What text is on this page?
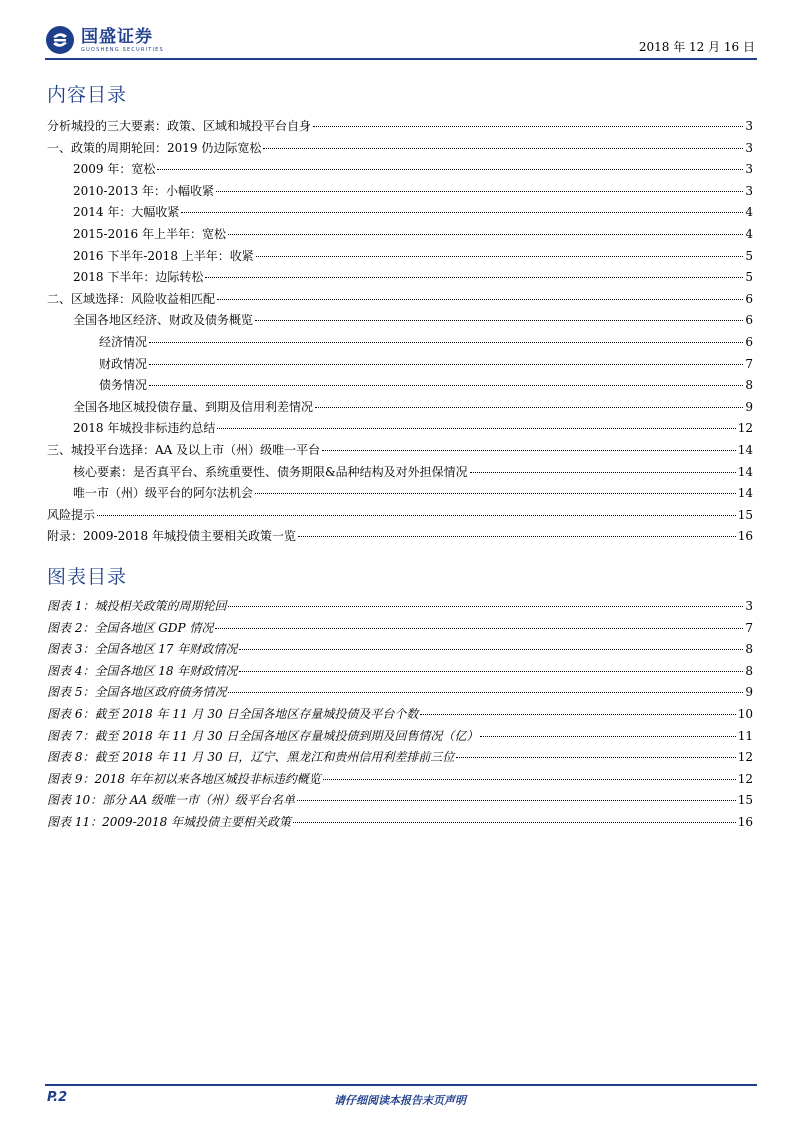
国盛证券
GUOSHENG SECURITIES	2018 年 12 月 16 日
内容目录
分析城投的三大要素：政策、区域和城投平台自身	3
一、政策的周期轮回：2019 仍边际宽松	3
2009 年：宽松	3
2010-2013 年：小幅收紧	3
2014 年：大幅收紧	4
2015-2016 年上半年：宽松	4
2016 下半年-2018 上半年：收紧	5
2018 下半年：边际转松	5
二、区域选择：风险收益相匹配	6
全国各地区经济、财政及债务概览	6
经济情况	6
财政情况	7
债务情况	8
全国各地区城投债存量、到期及信用利差情况	9
2018 年城投非标违约总结	12
三、城投平台选择：AA 及以上市（州）级唯一平台	14
核心要素：是否真平台、系统重要性、债务期限&品种结构及对外担保情况	14
唯一市（州）级平台的阿尔法机会	14
风险提示	15
附录：2009-2018 年城投债主要相关政策一览	16
图表目录
图表 1：城投相关政策的周期轮回	3
图表 2：全国各地区 GDP 情况	7
图表 3：全国各地区 17 年财政情况	8
图表 4：全国各地区 18 年财政情况	8
图表 5：全国各地区政府债务情况	9
图表 6：截至 2018 年 11 月 30 日全国各地区存量城投债及平台个数	10
图表 7：截至 2018 年 11 月 30 日全国各地区存量城投债到期及回售情况（亿）	11
图表 8：截至 2018 年 11 月 30 日，辽宁、黑龙江和贵州信用利差排前三位	12
图表 9：2018 年年初以来各地区城投非标违约概览	12
图表 10：部分 AA 级唯一市（州）级平台名单	15
图表 11：2009-2018 年城投债主要相关政策	16
P.2	请仔细阅读本报告末页声明
